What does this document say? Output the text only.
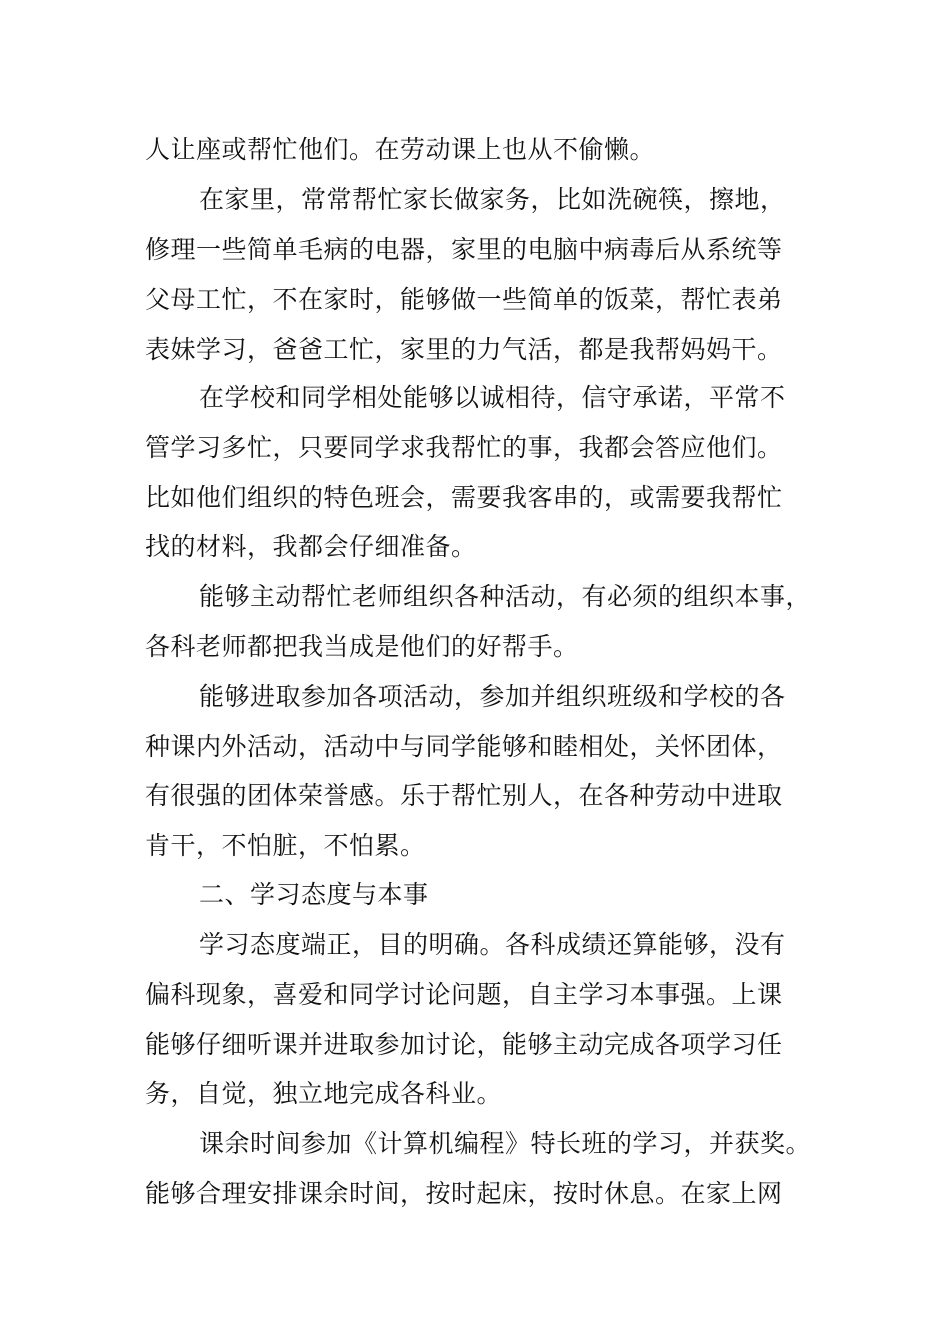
人让座或帮忙他们。在劳动课上也从不偷懒。
在家里，常常帮忙家长做家务，比如洗碗筷，擦地，
修理一些简单毛病的电器，家里的电脑中病毒后从系统等
父母工忙，不在家时，能够做一些简单的饭菜，帮忙表弟
表妹学习，爸爸工忙，家里的力气活，都是我帮妈妈干。
在学校和同学相处能够以诚相待，信守承诺，平常不
管学习多忙，只要同学求我帮忙的事，我都会答应他们。
比如他们组织的特色班会，需要我客串的，或需要我帮忙
找的材料，我都会仔细准备。
能够主动帮忙老师组织各种活动，有必须的组织本事，
各科老师都把我当成是他们的好帮手。
能够进取参加各项活动，参加并组织班级和学校的各
种课内外活动，活动中与同学能够和睦相处，关怀团体，
有很强的团体荣誉感。乐于帮忙别人，在各种劳动中进取
肯干，不怕脏，不怕累。
二、学习态度与本事
学习态度端正，目的明确。各科成绩还算能够，没有
偏科现象，喜爱和同学讨论问题，自主学习本事强。上课
能够仔细听课并进取参加讨论，能够主动完成各项学习任
务，自觉，独立地完成各科业。
课余时间参加《计算机编程》特长班的学习，并获奖。
能够合理安排课余时间，按时起床，按时休息。在家上网
